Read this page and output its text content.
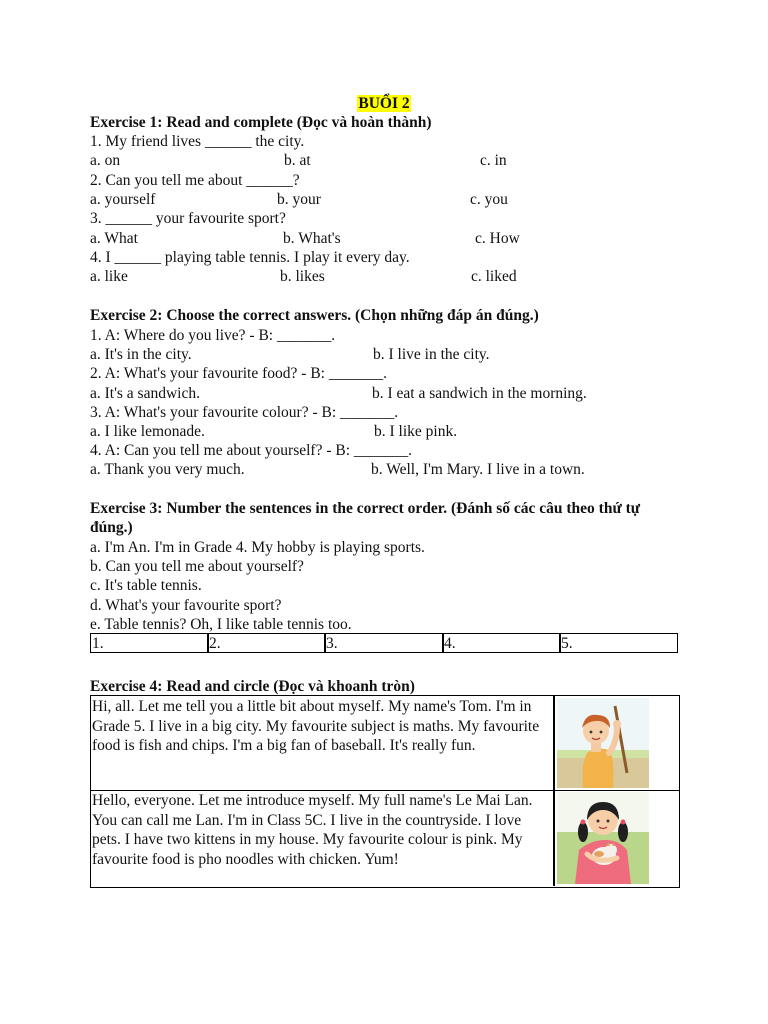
BUỔI 2
Exercise 1: Read and complete (Đọc và hoàn thành)
1. My friend lives ______ the city.
a. on	b. at	c. in
2. Can you tell me about ______?
a. yourself	b. your	c. you
3. ______ your favourite sport?
a. What	b. What's	c. How
4. I ______ playing table tennis. I play it every day.
a. like	b. likes	c. liked
Exercise 2: Choose the correct answers. (Chọn những đáp án đúng.)
1. A: Where do you live? - B: _______.
a. It's in the city.	b. I live in the city.
2. A: What's your favourite food? - B: _______.
a. It's a sandwich.	b. I eat a sandwich in the morning.
3. A: What's your favourite colour? - B: _______.
a. I like lemonade.	b. I like pink.
4. A: Can you tell me about yourself? - B: _______.
a. Thank you very much.	b. Well, I'm Mary. I live in a town.
Exercise 3: Number the sentences in the correct order. (Đánh số các câu theo thứ tự
đúng.)
a. I'm An. I'm in Grade 4. My hobby is playing sports.
b. Can you tell me about yourself?
c. It's table tennis.
d. What's your favourite sport?
e. Table tennis? Oh, I like table tennis too.
1.	2.	3.	4.	5.
Exercise 4: Read and circle (Đọc và khoanh tròn)
Hi, all. Let me tell you a little bit about myself. My name's Tom. I'm in Grade 5. I live in a big city. My favourite subject is maths. My favourite food is fish and chips. I'm a big fan of baseball. It's really fun.
Hello, everyone. Let me introduce myself. My full name's Le Mai Lan. You can call me Lan. I'm in Class 5C. I live in the countryside. I love pets. I have two kittens in my house. My favourite colour is pink. My favourite food is pho noodles with chicken. Yum!
